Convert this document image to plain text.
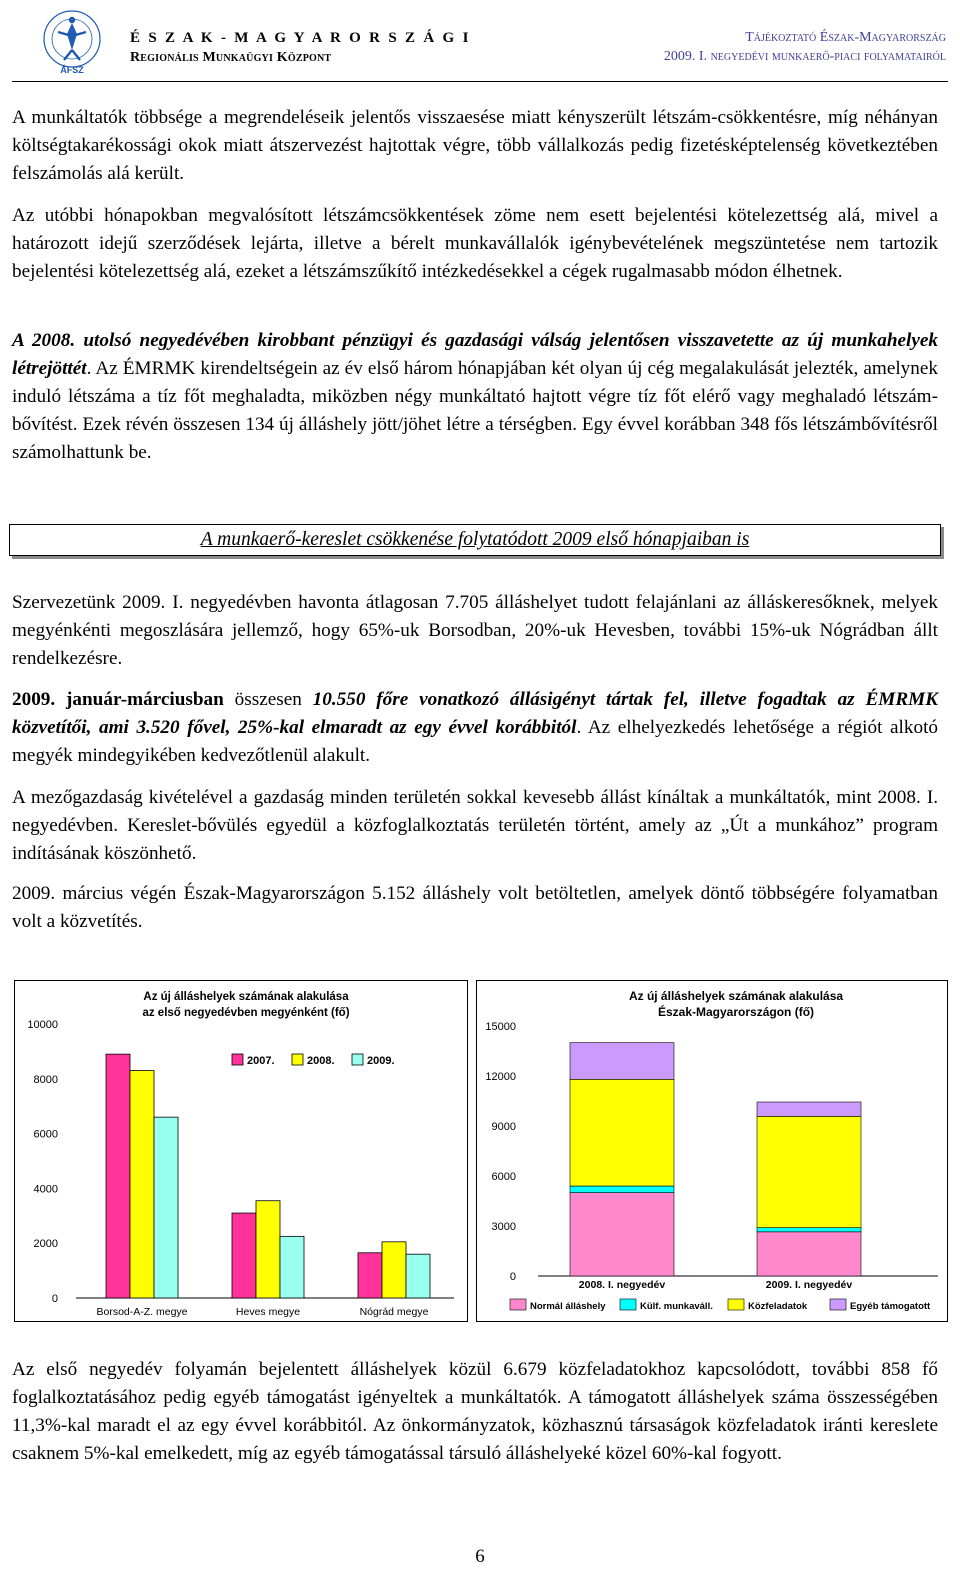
ÁFSZ
É S Z A K - M A G Y A R O R S Z Á G I
Regionális Munkaügyi Központ
Tájékoztató Észak-Magyarország
2009. I. negyedévi munkaerő-piaci folyamatairól

A munkáltatók többsége a megrendeléseik jelentős visszaesése miatt kényszerült létszám-csökkentésre, míg néhányan költségtakarékossági okok miatt átszervezést hajtottak végre, több vállalkozás pedig fizetésképtelenség következtében felszámolás alá került.

Az utóbbi hónapokban megvalósított létszámcsökkentések zöme nem esett bejelentési kötelezettség alá, mivel a határozott idejű szerződések lejárta, illetve a bérelt munkavállalók igénybevételének megszüntetése nem tartozik bejelentési kötelezettség alá, ezeket a létszámszűkítő intézkedésekkel a cégek rugalmasabb módon élhetnek.

A 2008. utolsó negyedévében kirobbant pénzügyi és gazdasági válság jelentősen visszavetette az új munkahelyek létrejöttét. Az ÉMRMK kirendeltségein az év első három hónapjában két olyan új cég megalakulását jelezték, amelynek induló létszáma a tíz főt meghaladta, miközben négy munkáltató hajtott végre tíz főt elérő vagy meghaladó létszám-bővítést. Ezek révén összesen 134 új álláshely jött/jöhet létre a térségben. Egy évvel korábban 348 fős létszámbővítésről számolhattunk be.

A munkaerő-kereslet csökkenése folytatódott 2009 első hónapjaiban is

Szervezetünk 2009. I. negyedévben havonta átlagosan 7.705 álláshelyet tudott felajánlani az álláskeresőknek, melyek megyénkénti megoszlására jellemző, hogy 65%-uk Borsodban, 20%-uk Hevesben, további 15%-uk Nógrádban állt rendelkezésre.

2009. január-márciusban összesen 10.550 főre vonatkozó állásigényt tártak fel, illetve fogadtak az ÉMRMK közvetítői, ami 3.520 fővel, 25%-kal elmaradt az egy évvel korábbitól. Az elhelyezkedés lehetősége a régiót alkotó megyék mindegyikében kedvezőtlenül alakult.

A mezőgazdaság kivételével a gazdaság minden területén sokkal kevesebb állást kínáltak a munkáltatók, mint 2008. I. negyedévben. Kereslet-bővülés egyedül a közfoglalkoztatás területén történt, amely az „Út a munkához” program indításának köszönhető.

2009. március végén Észak-Magyarországon 5.152 álláshely volt betöltetlen, amelyek döntő többségére folyamatban volt a közvetítés.

Az új álláshelyek számának alakulása
az első negyedévben megyénként (fő)
0
2000
4000
6000
8000
10000
Borsod-A-Z. megye	Heves megye	Nógrád megye
2007.	2008.	2009.
Az új álláshelyek számának alakulása
Észak-Magyarországon (fő)
0
3000
6000
9000
12000
15000
2008. I. negyedév	2009. I. negyedév
Normál álláshely	Külf. munkaváll.	Közfeladatok	Egyéb támogatott

Az első negyedév folyamán bejelentett álláshelyek közül 6.679 közfeladatokhoz kapcsolódott, további 858 fő foglalkoztatásához pedig egyéb támogatást igényeltek a munkáltatók. A támogatott álláshelyek száma összességében 11,3%-kal maradt el az egy évvel korábbitól. Az önkormányzatok, közhasznú társaságok közfeladatok iránti kereslete csaknem 5%-kal emelkedett, míg az egyéb támogatással társuló álláshelyeké közel 60%-kal fogyott.

6
